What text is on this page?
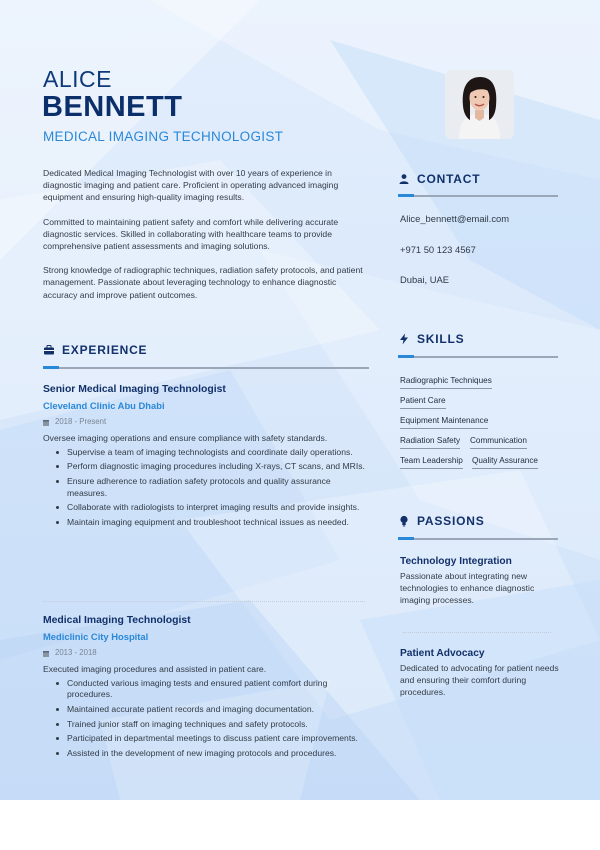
ALICE
BENNETT
MEDICAL IMAGING TECHNOLOGIST

Dedicated Medical Imaging Technologist with over 10 years of experience in diagnostic imaging and patient care. Proficient in operating advanced imaging equipment and ensuring high-quality imaging results.

Committed to maintaining patient safety and comfort while delivering accurate diagnostic services. Skilled in collaborating with healthcare teams to provide comprehensive patient assessments and imaging solutions.

Strong knowledge of radiographic techniques, radiation safety protocols, and patient management. Passionate about leveraging technology to enhance diagnostic accuracy and improve patient outcomes.

EXPERIENCE
Senior Medical Imaging Technologist
Cleveland Clinic Abu Dhabi
2018 - Present
Oversee imaging operations and ensure compliance with safety standards.
Supervise a team of imaging technologists and coordinate daily operations.
Perform diagnostic imaging procedures including X-rays, CT scans, and MRIs.
Ensure adherence to radiation safety protocols and quality assurance measures.
Collaborate with radiologists to interpret imaging results and provide insights.
Maintain imaging equipment and troubleshoot technical issues as needed.
Medical Imaging Technologist
Mediclinic City Hospital
2013 - 2018
Executed imaging procedures and assisted in patient care.
Conducted various imaging tests and ensured patient comfort during procedures.
Maintained accurate patient records and imaging documentation.
Trained junior staff on imaging techniques and safety protocols.
Participated in departmental meetings to discuss patient care improvements.
Assisted in the development of new imaging protocols and procedures.
CONTACT
Alice_bennett@email.com
+971 50 123 4567
Dubai, UAE
SKILLS
Radiographic Techniques
Patient Care
Equipment Maintenance
Radiation Safety Communication
Team Leadership Quality Assurance
PASSIONS
Technology Integration
Passionate about integrating new technologies to enhance diagnostic imaging processes.
Patient Advocacy
Dedicated to advocating for patient needs and ensuring their comfort during procedures.
